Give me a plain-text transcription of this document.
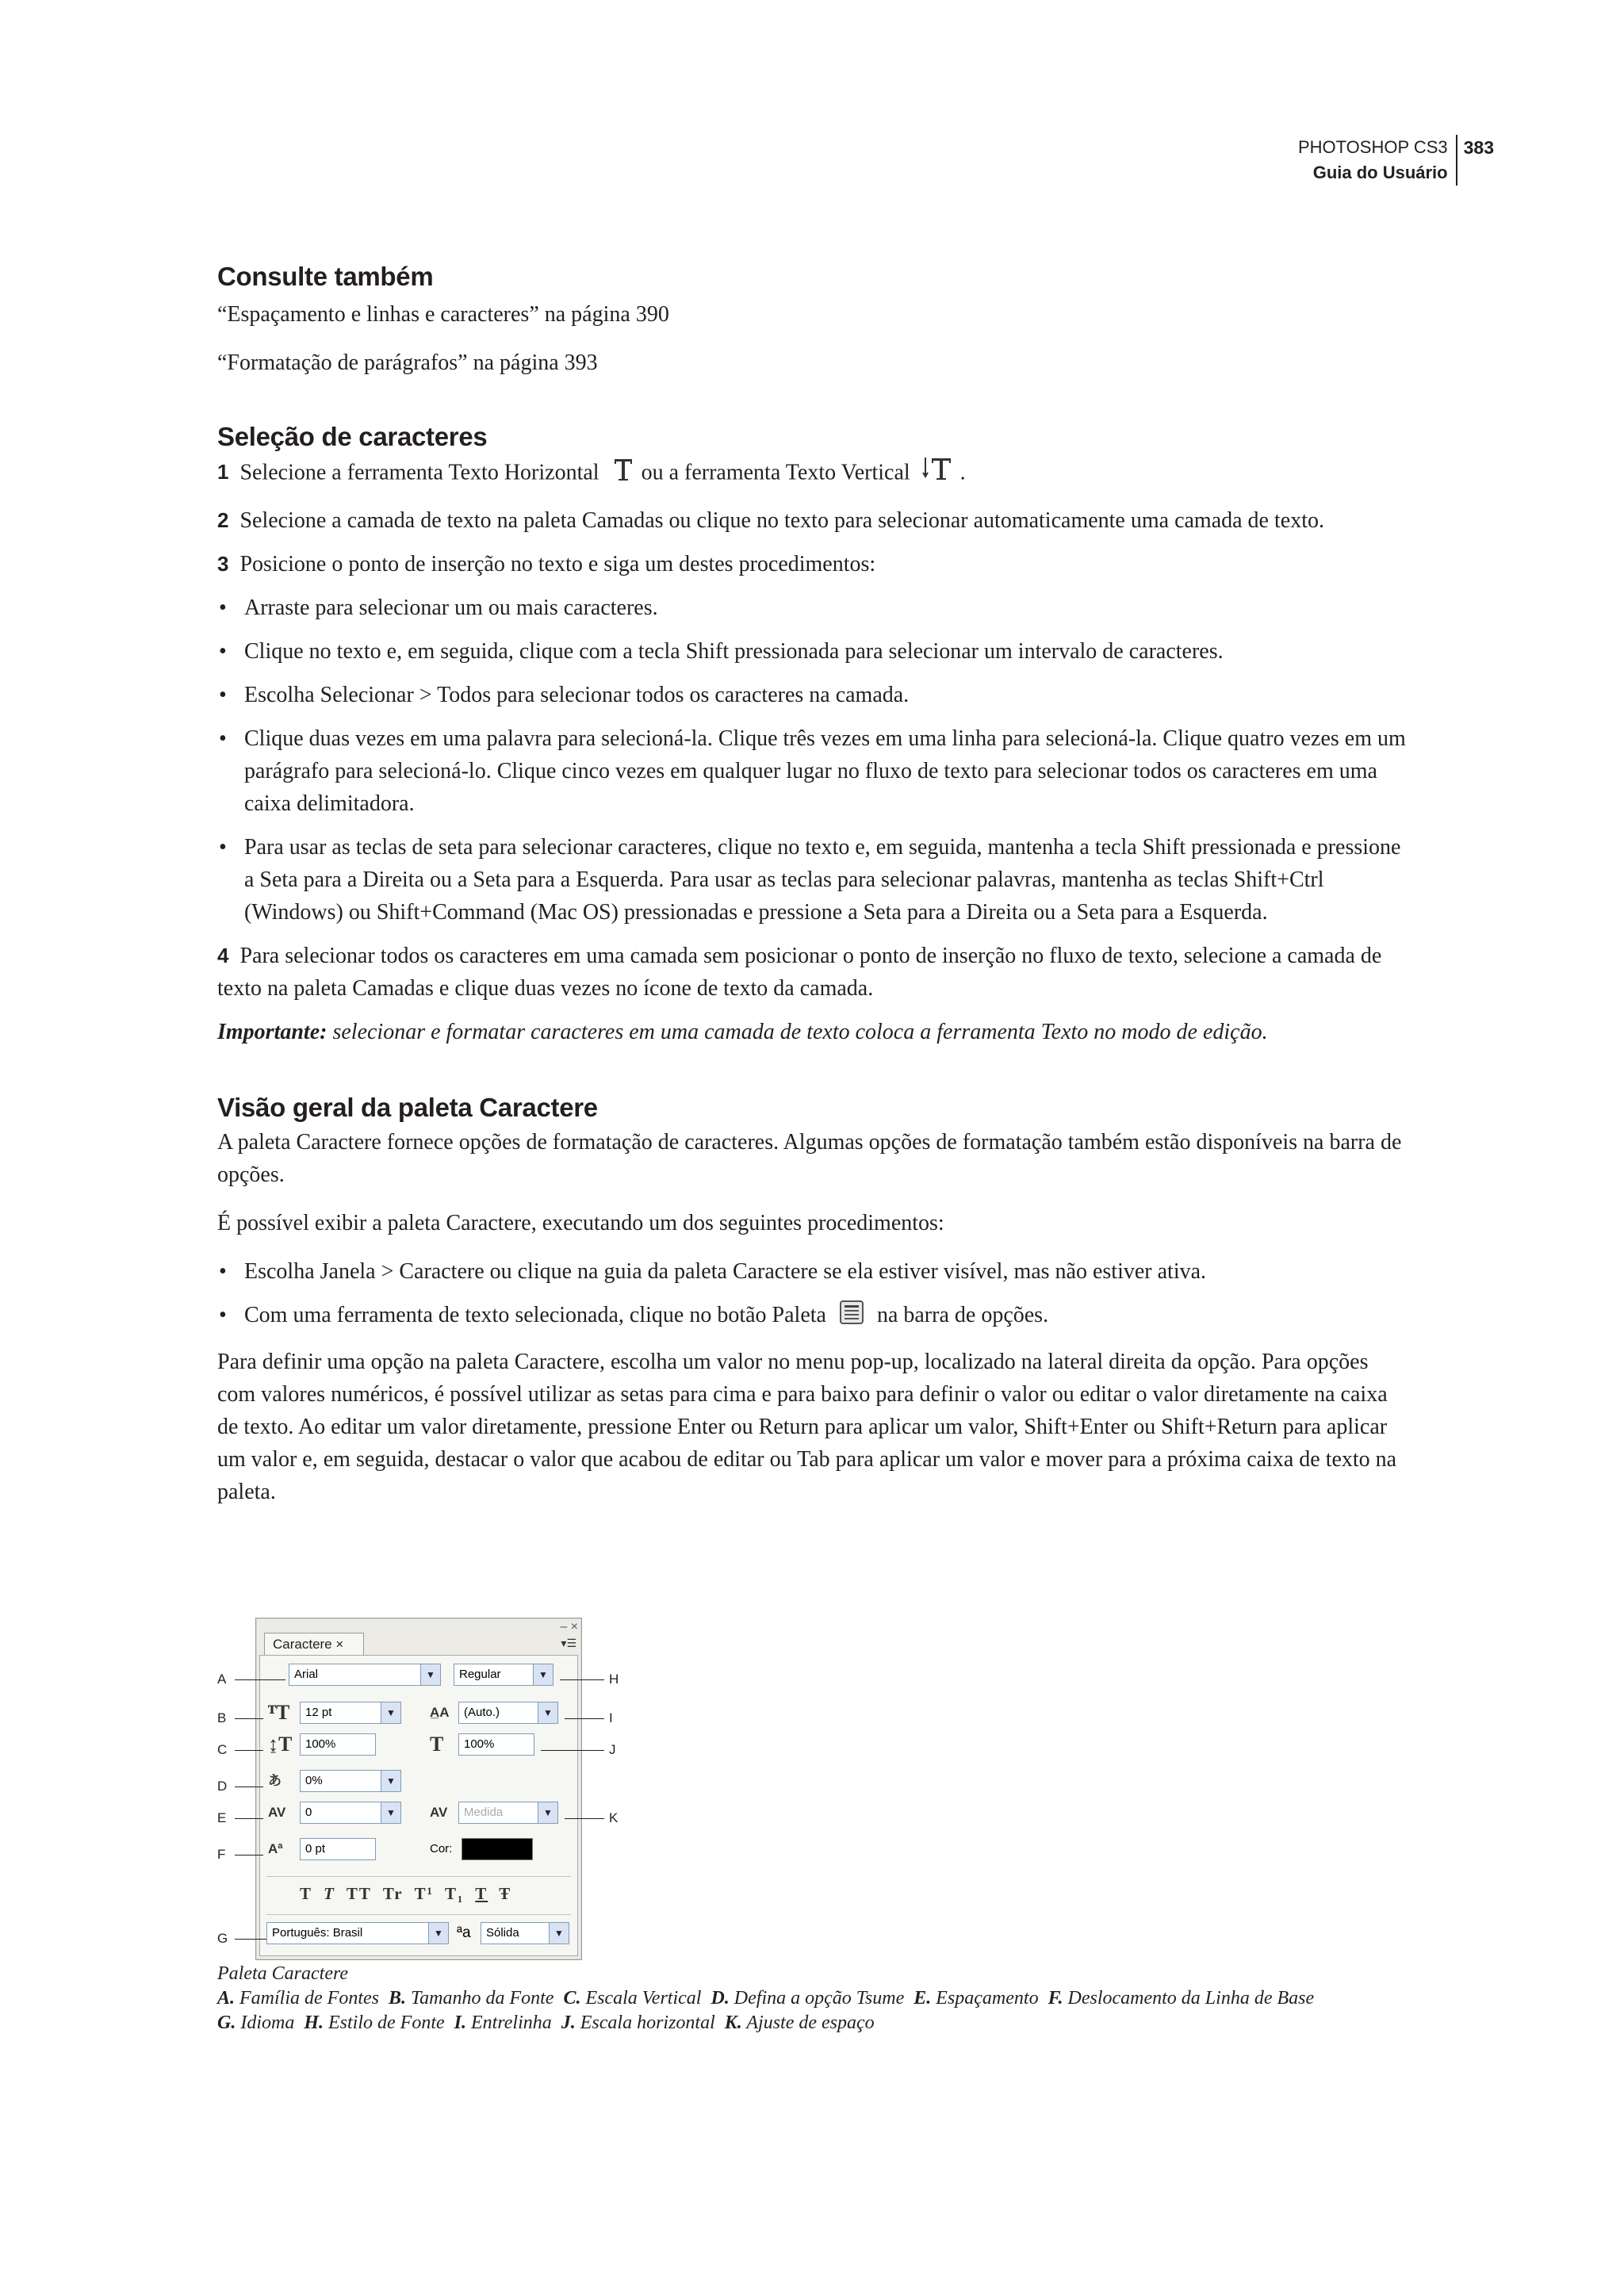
PHOTOSHOP CS3
Guia do Usuário
383
Consulte também

“Espaçamento e linhas e caracteres” na página 390

“Formatação de parágrafos” na página 393

Seleção de caracteres

1 Selecione a ferramenta Texto Horizontal ou a ferramenta Texto Vertical .

2 Selecione a camada de texto na paleta Camadas ou clique no texto para selecionar automaticamente uma camada de texto.

3 Posicione o ponto de inserção no texto e siga um destes procedimentos:

• Arraste para selecionar um ou mais caracteres.
• Clique no texto e, em seguida, clique com a tecla Shift pressionada para selecionar um intervalo de caracteres.
• Escolha Selecionar > Todos para selecionar todos os caracteres na camada.
• Clique duas vezes em uma palavra para selecioná-la. Clique três vezes em uma linha para selecioná-la. Clique quatro vezes em um parágrafo para selecioná-lo. Clique cinco vezes em qualquer lugar no fluxo de texto para selecionar todos os caracteres em uma caixa delimitadora.
• Para usar as teclas de seta para selecionar caracteres, clique no texto e, em seguida, mantenha a tecla Shift pressionada e pressione a Seta para a Direita ou a Seta para a Esquerda. Para usar as teclas para selecionar palavras, mantenha as teclas Shift+Ctrl (Windows) ou Shift+Command (Mac OS) pressionadas e pressione a Seta para a Direita ou a Seta para a Esquerda.

4 Para selecionar todos os caracteres em uma camada sem posicionar o ponto de inserção no fluxo de texto, selecione a camada de texto na paleta Camadas e clique duas vezes no ícone de texto da camada.

Importante: selecionar e formatar caracteres em uma camada de texto coloca a ferramenta Texto no modo de edição.

Visão geral da paleta Caractere

A paleta Caractere fornece opções de formatação de caracteres. Algumas opções de formatação também estão disponíveis na barra de opções.

É possível exibir a paleta Caractere, executando um dos seguintes procedimentos:

• Escolha Janela > Caractere ou clique na guia da paleta Caractere se ela estiver visível, mas não estiver ativa.
• Com uma ferramenta de texto selecionada, clique no botão Paleta na barra de opções.

Para definir uma opção na paleta Caractere, escolha um valor no menu pop-up, localizado na lateral direita da opção. Para opções com valores numéricos, é possível utilizar as setas para cima e para baixo para definir o valor ou editar o valor diretamente na caixa de texto. Ao editar um valor diretamente, pressione Enter ou Return para aplicar um valor, Shift+Enter ou Shift+Return para aplicar um valor e, em seguida, destacar o valor que acabou de editar ou Tab para aplicar um valor e mover para a próxima caixa de texto na paleta.

– ×
Caractere ×	▾☰
Arial	▼	Regular	▼
ᵀT	12 pt	▼	A̲A	(Auto.)	▼
↨T	100%	T	100%
あ	0%	▼
AV	0	▼	AV	Medida	▼
Aª	0 pt	Cor:
T T TT Tr T¹ T₁ T Ŧ
Português: Brasil	▼ ªa	Sólida	▼
A
B
C
D
E
F
G
H
I
J
K
Paleta Caractere
A. Família de Fontes B. Tamanho da Fonte C. Escala Vertical D. Defina a opção Tsume E. Espaçamento F. Deslocamento da Linha de Base
G. Idioma H. Estilo de Fonte I. Entrelinha J. Escala horizontal K. Ajuste de espaço
